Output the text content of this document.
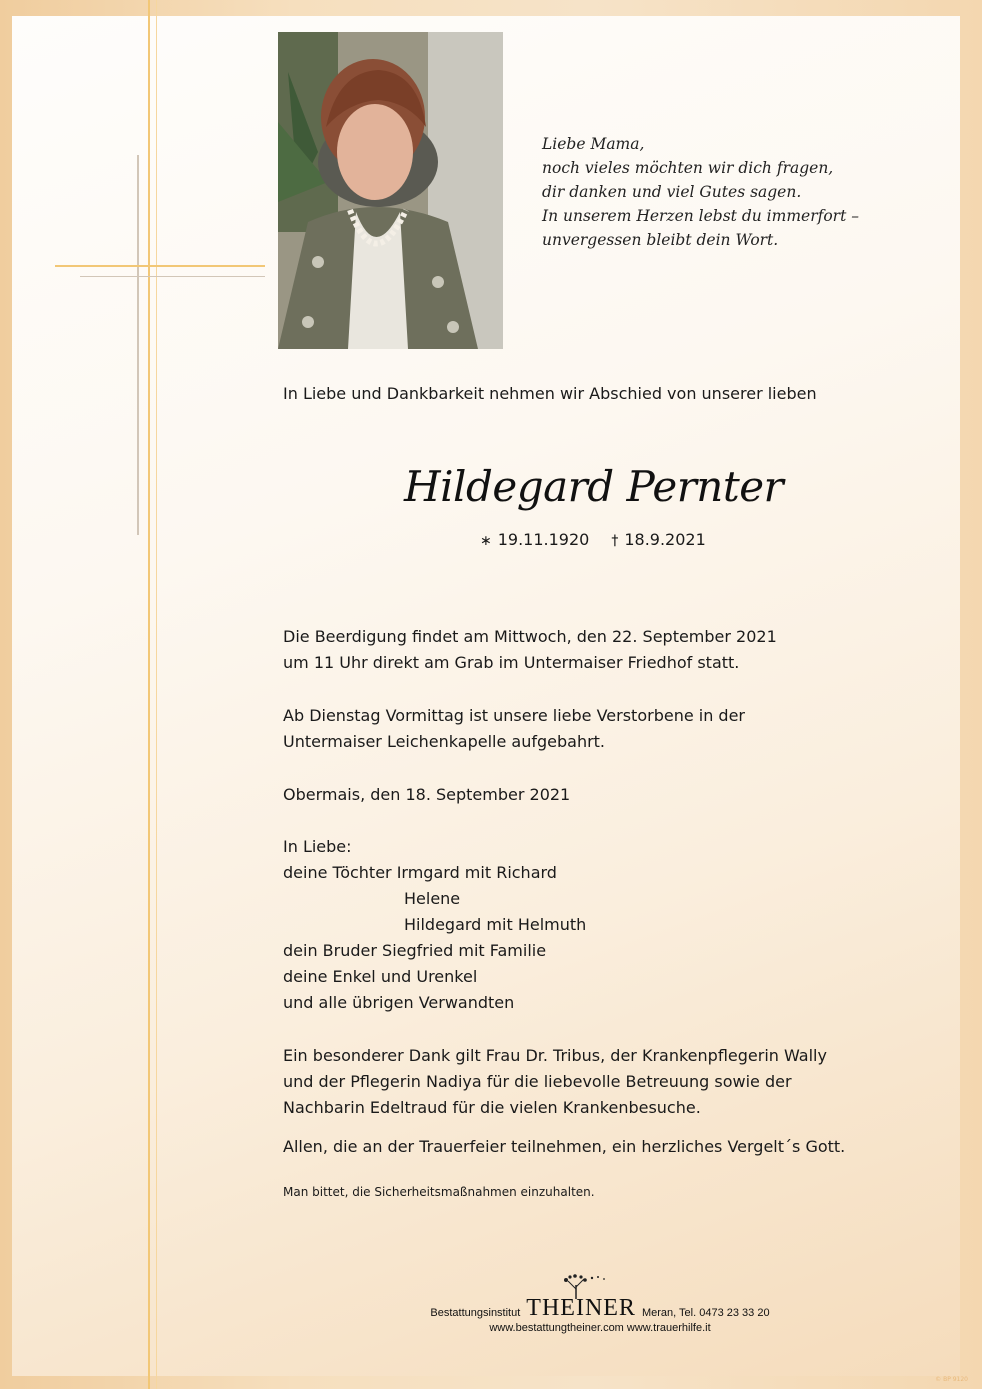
Liebe Mama,
noch vieles möchten wir dich fragen,
dir danken und viel Gutes sagen.
In unserem Herzen lebst du immerfort –
unvergessen bleibt dein Wort.
In Liebe und Dankbarkeit nehmen wir Abschied von unserer lieben
Hildegard Pernter
∗ 19.11.1920 † 18.9.2021
Die Beerdigung findet am Mittwoch, den 22. September 2021
um 11 Uhr direkt am Grab im Untermaiser Friedhof statt.
Ab Dienstag Vormittag ist unsere liebe Verstorbene in der
Untermaiser Leichenkapelle aufgebahrt.
Obermais, den 18. September 2021
In Liebe:
deine Töchter Irmgard mit Richard
Helene
Hildegard mit Helmuth
dein Bruder Siegfried mit Familie
deine Enkel und Urenkel
und alle übrigen Verwandten
Ein besonderer Dank gilt Frau Dr. Tribus, der Krankenpflegerin Wally
und der Pflegerin Nadiya für die liebevolle Betreuung sowie der
Nachbarin Edeltraud für die vielen Krankenbesuche.
Allen, die an der Trauerfeier teilnehmen, ein herzliches Vergelt´s Gott.
Man bittet, die Sicherheitsmaßnahmen einzuhalten.
Bestattungsinstitut THEINER Meran, Tel. 0473 23 33 20
www.bestattungtheiner.com www.trauerhilfe.it
© BP 9120
